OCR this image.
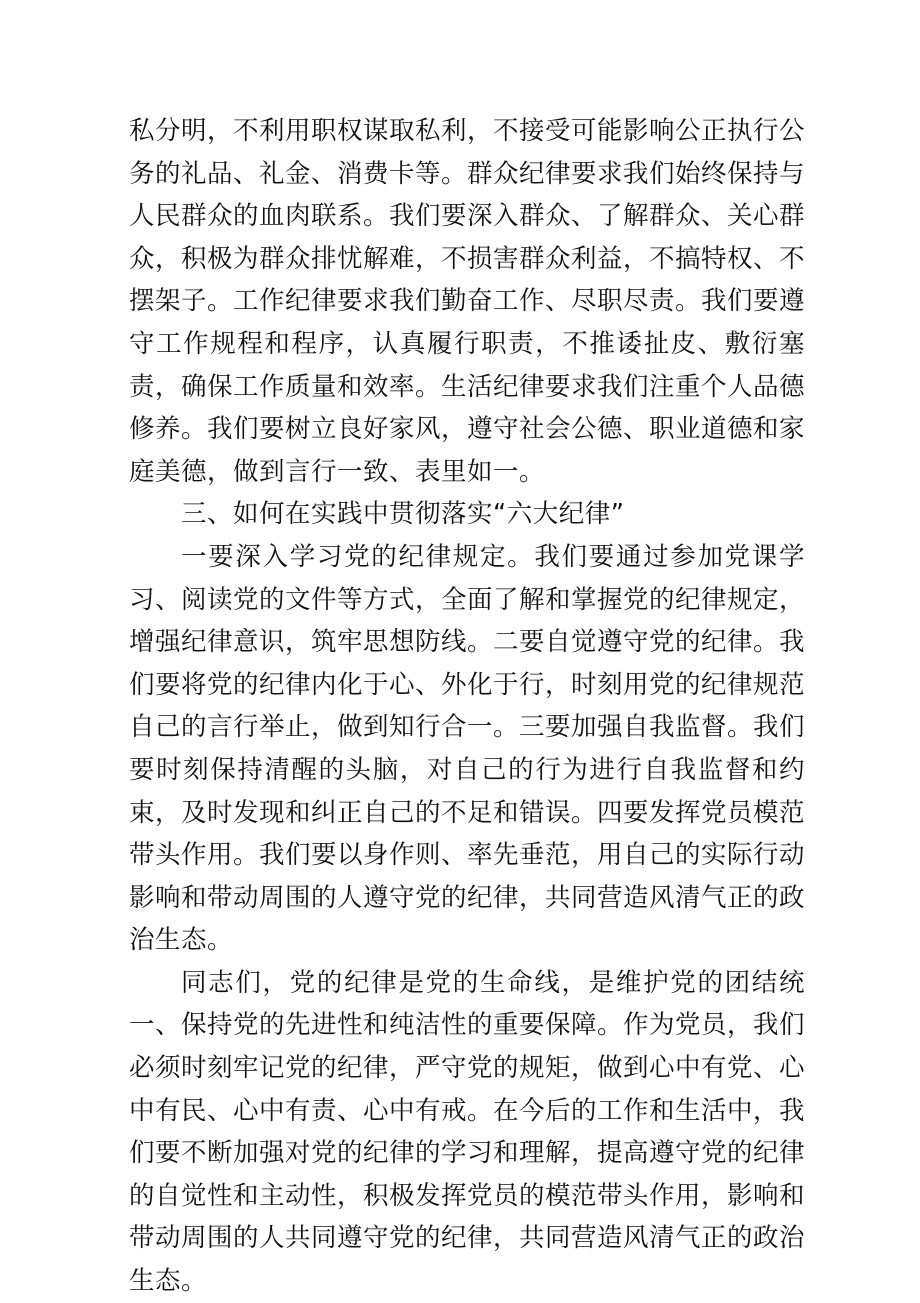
私分明，不利用职权谋取私利，不接受可能影响公正执行公务的礼品、礼金、消费卡等。群众纪律要求我们始终保持与人民群众的血肉联系。我们要深入群众、了解群众、关心群众，积极为群众排忧解难，不损害群众利益，不搞特权、不摆架子。工作纪律要求我们勤奋工作、尽职尽责。我们要遵守工作规程和程序，认真履行职责，不推诿扯皮、敷衍塞责，确保工作质量和效率。生活纪律要求我们注重个人品德修养。我们要树立良好家风，遵守社会公德、职业道德和家庭美德，做到言行一致、表里如一。

三、如何在实践中贯彻落实“六大纪律”

一要深入学习党的纪律规定。我们要通过参加党课学习、阅读党的文件等方式，全面了解和掌握党的纪律规定，增强纪律意识，筑牢思想防线。二要自觉遵守党的纪律。我们要将党的纪律内化于心、外化于行，时刻用党的纪律规范自己的言行举止，做到知行合一。三要加强自我监督。我们要时刻保持清醒的头脑，对自己的行为进行自我监督和约束，及时发现和纠正自己的不足和错误。四要发挥党员模范带头作用。我们要以身作则、率先垂范，用自己的实际行动影响和带动周围的人遵守党的纪律，共同营造风清气正的政治生态。

同志们，党的纪律是党的生命线，是维护党的团结统一、保持党的先进性和纯洁性的重要保障。作为党员，我们必须时刻牢记党的纪律，严守党的规矩，做到心中有党、心中有民、心中有责、心中有戒。在今后的工作和生活中，我们要不断加强对党的纪律的学习和理解，提高遵守党的纪律的自觉性和主动性，积极发挥党员的模范带头作用，影响和带动周围的人共同遵守党的纪律，共同营造风清气正的政治生态。
